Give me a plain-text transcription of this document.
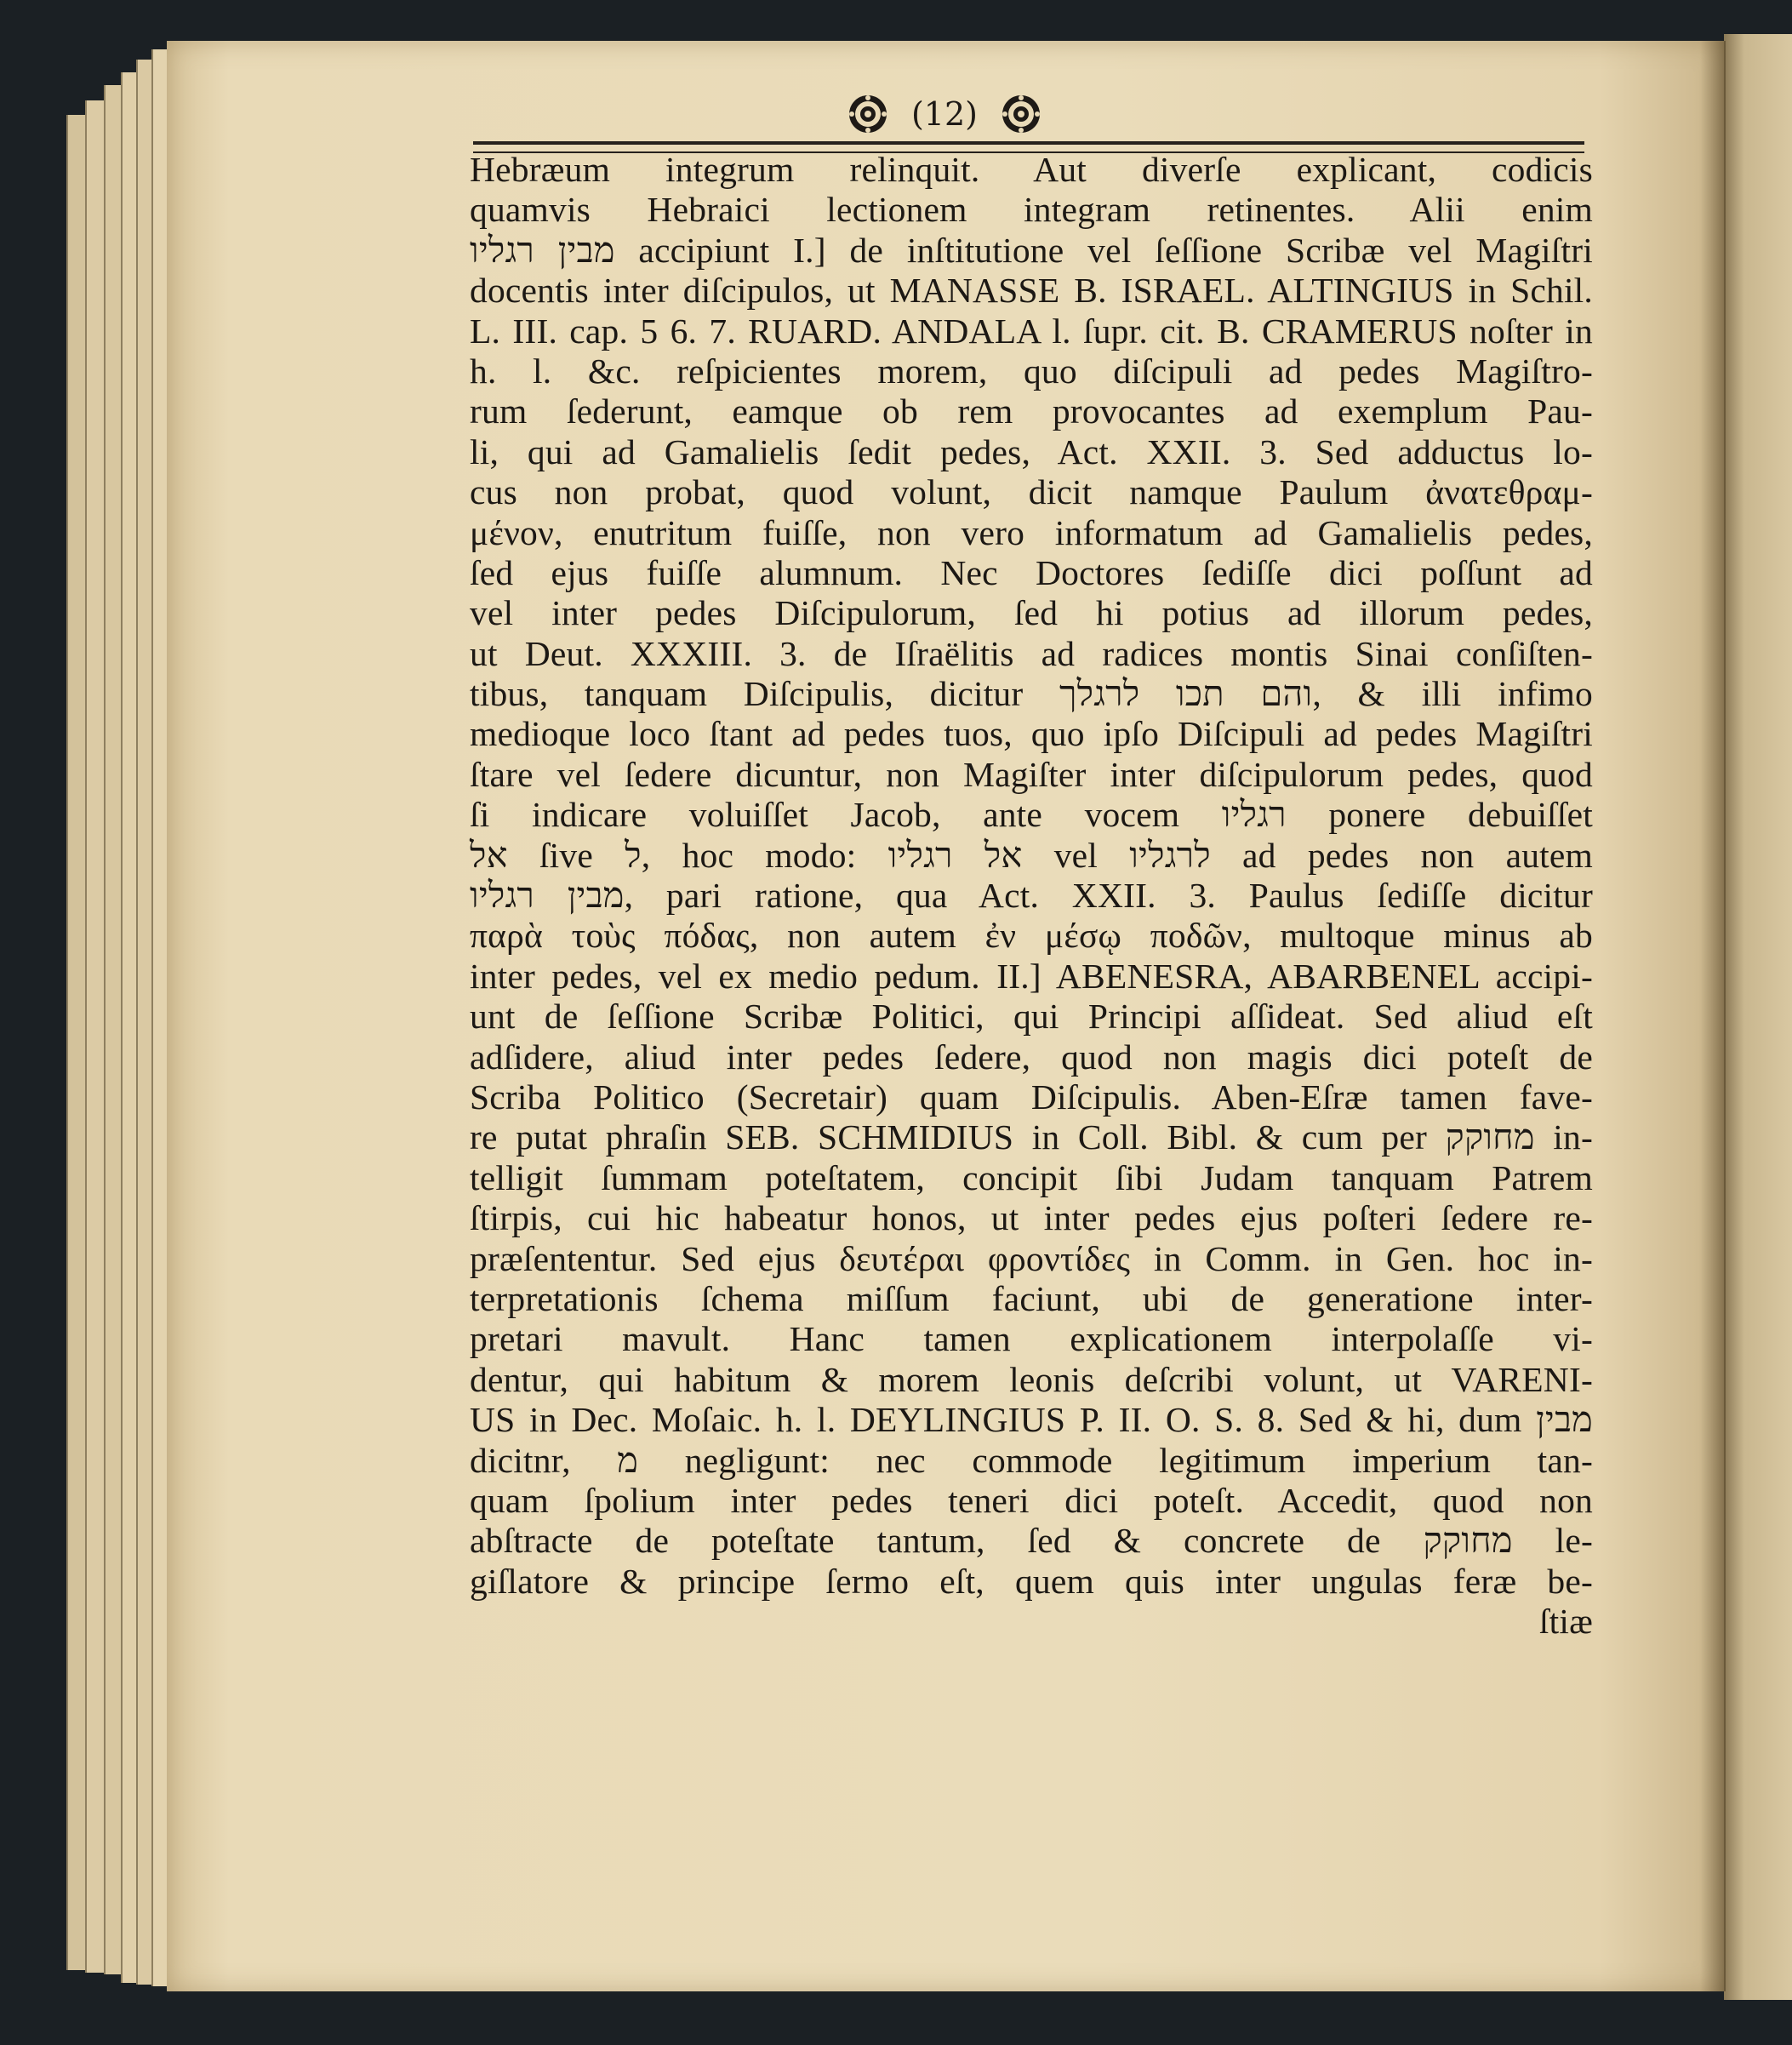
(12)
Hebræum integrum relinquit. Aut diverſe explicant, codicis
quamvis Hebraici lectionem integram retinentes. Alii enim
מבין רגליו accipiunt I.] de inſtitutione vel ſeſſione Scribæ vel Magiſtri
docentis inter diſcipulos, ut MANASSE B. ISRAEL. ALTINGIUS in Schil.
L. III. cap. 5 6. 7. RUARD. ANDALA l. ſupr. cit. B. CRAMERUS noſter in
h. l. &c. reſpicientes morem, quo diſcipuli ad pedes Magiſtro-
rum ſederunt, eamque ob rem provocantes ad exemplum Pau-
li, qui ad Gamalielis ſedit pedes, Act. XXII. 3. Sed adductus lo-
cus non probat, quod volunt, dicit namque Paulum ἀνατεθραμ-
μένον, enutritum fuiſſe, non vero informatum ad Gamalielis pedes,
ſed ejus fuiſſe alumnum. Nec Doctores ſediſſe dici poſſunt ad
vel inter pedes Diſcipulorum, ſed hi potius ad illorum pedes,
ut Deut. XXXIII. 3. de Iſraëlitis ad radices montis Sinai conſiſten-
tibus, tanquam Diſcipulis, dicitur והם תכו לרגלך, & illi infimo
medioque loco ſtant ad pedes tuos, quo ipſo Diſcipuli ad pedes Magiſtri
ſtare vel ſedere dicuntur, non Magiſter inter diſcipulorum pedes, quod
ſi indicare voluiſſet Jacob, ante vocem רגליו ponere debuiſſet
אל ſive ל, hoc modo: אל רגליו vel לרגליו ad pedes non autem
מבין רגליו, pari ratione, qua Act. XXII. 3. Paulus ſediſſe dicitur
παρὰ τοὺς πόδας, non autem ἐν μέσῳ ποδῶν, multoque minus ab
inter pedes, vel ex medio pedum. II.] ABENESRA, ABARBENEL accipi-
unt de ſeſſione Scribæ Politici, qui Principi aſſideat. Sed aliud eſt
adſidere, aliud inter pedes ſedere, quod non magis dici poteſt de
Scriba Politico (Secretair) quam Diſcipulis. Aben-Eſræ tamen fave-
re putat phraſin SEB. SCHMIDIUS in Coll. Bibl. & cum per מחוקק in-
telligit ſummam poteſtatem, concipit ſibi Judam tanquam Patrem
ſtirpis, cui hic habeatur honos, ut inter pedes ejus poſteri ſedere re-
præſententur. Sed ejus δευτέραι φροντίδες in Comm. in Gen. hoc in-
terpretationis ſchema miſſum faciunt, ubi de generatione inter-
pretari mavult. Hanc tamen explicationem interpolaſſe vi-
dentur, qui habitum & morem leonis deſcribi volunt, ut VARENI-
US in Dec. Moſaic. h. l. DEYLINGIUS P. II. O. S. 8. Sed & hi, dum מבין
dicitnr, מ negligunt: nec commode legitimum imperium tan-
quam ſpolium inter pedes teneri dici poteſt. Accedit, quod non
abſtracte de poteſtate tantum, ſed & concrete de מחוקק le-
giſlatore & principe ſermo eſt, quem quis inter ungulas feræ be-
ſtiæ
